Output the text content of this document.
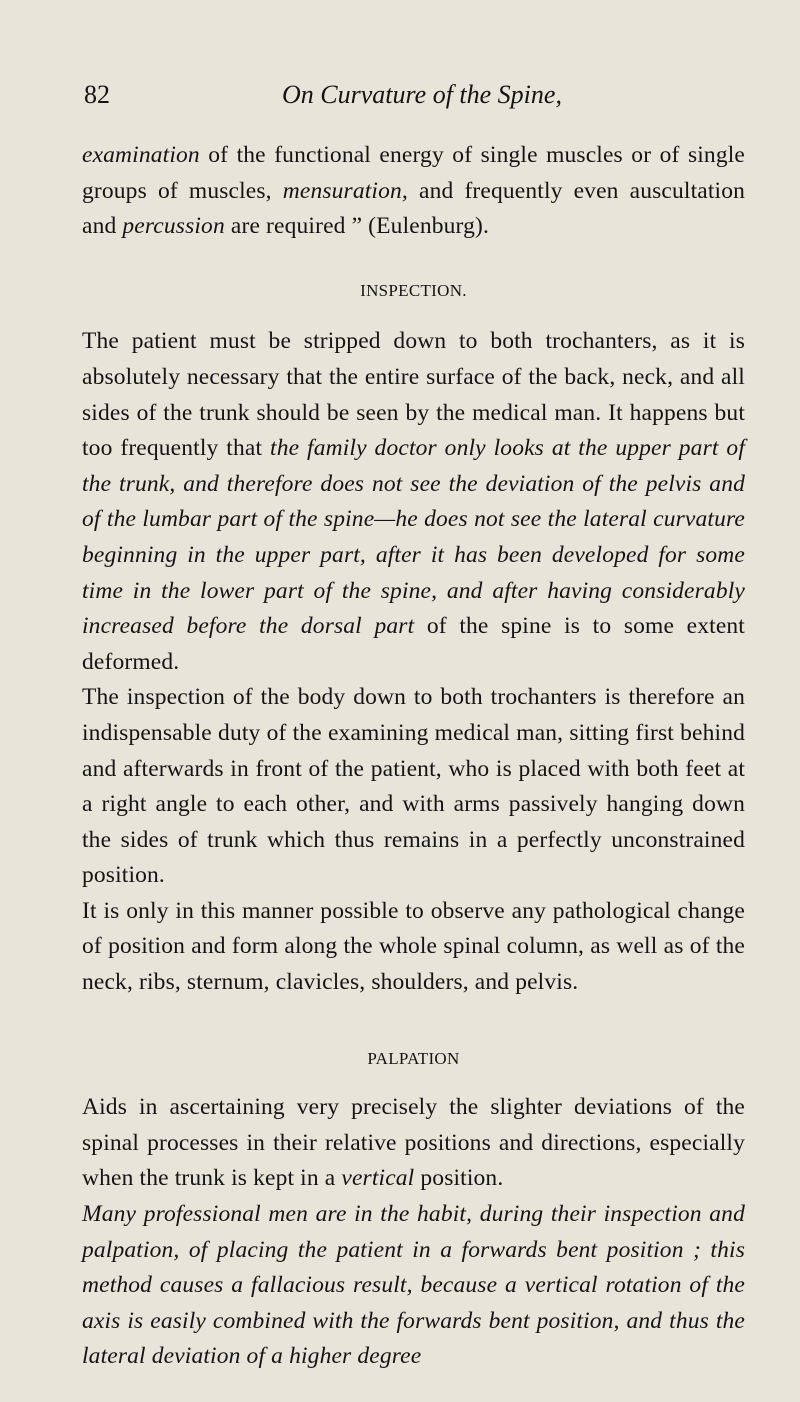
82	On Curvature of the Spine,

examination of the functional energy of single muscles or of single groups of muscles, mensuration, and frequently even auscultation and percussion are required ” (Eulenburg).

INSPECTION.

The patient must be stripped down to both trochanters, as it is absolutely necessary that the entire surface of the back, neck, and all sides of the trunk should be seen by the medical man. It happens but too frequently that the family doctor only looks at the upper part of the trunk, and therefore does not see the deviation of the pelvis and of the lumbar part of the spine—he does not see the lateral curvature beginning in the upper part, after it has been developed for some time in the lower part of the spine, and after having considerably increased before the dorsal part of the spine is to some extent deformed.

The inspection of the body down to both trochanters is therefore an indispensable duty of the examining medical man, sitting first behind and afterwards in front of the patient, who is placed with both feet at a right angle to each other, and with arms passively hanging down the sides of trunk which thus remains in a perfectly unconstrained position.

It is only in this manner possible to observe any pathological change of position and form along the whole spinal column, as well as of the neck, ribs, sternum, clavicles, shoulders, and pelvis.

PALPATION

Aids in ascertaining very precisely the slighter deviations of the spinal processes in their relative positions and directions, especially when the trunk is kept in a vertical position.

Many professional men are in the habit, during their inspection and palpation, of placing the patient in a forwards bent position ; this method causes a fallacious result, because a vertical rotation of the axis is easily combined with the forwards bent position, and thus the lateral deviation of a higher degree
